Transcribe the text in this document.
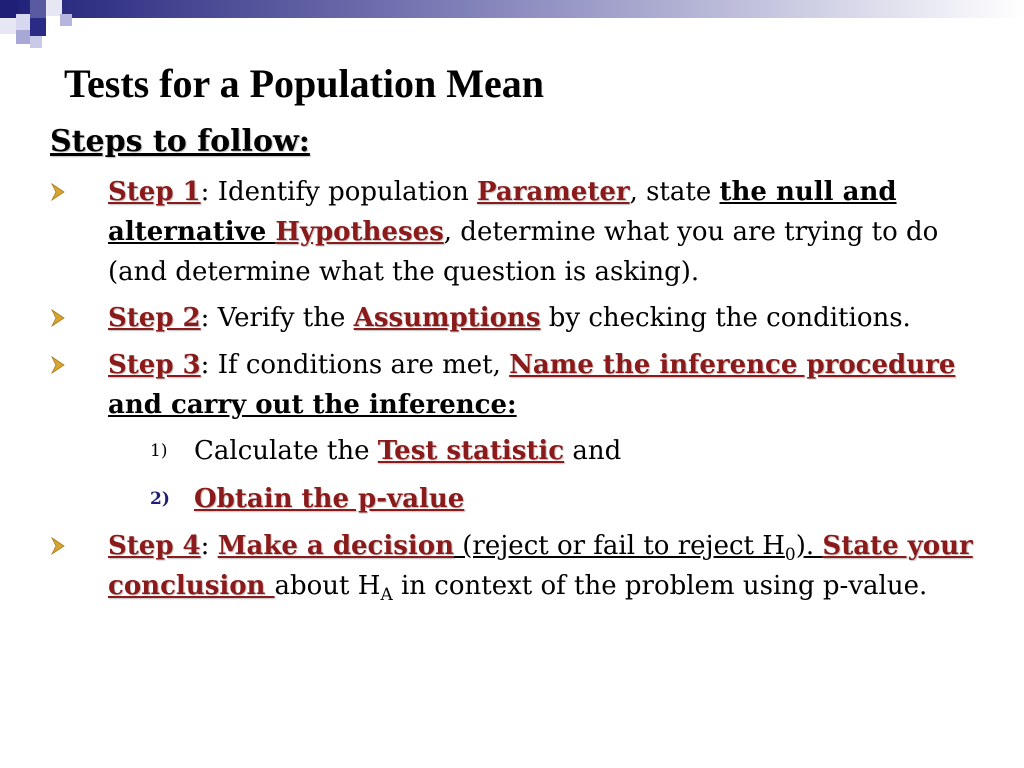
Tests for a Population Mean
Steps to follow:
Step 1: Identify population Parameter, state the null and alternative Hypotheses, determine what you are trying to do (and determine what the question is asking).
Step 2: Verify the Assumptions by checking the conditions.
Step 3: If conditions are met, Name the inference procedure
and carry out the inference:
1) Calculate the Test statistic and
2) Obtain the p-value
Step 4: Make a decision (reject or fail to reject $H_0$). State your conclusion about $H_A$ in context of the problem using p-value.
